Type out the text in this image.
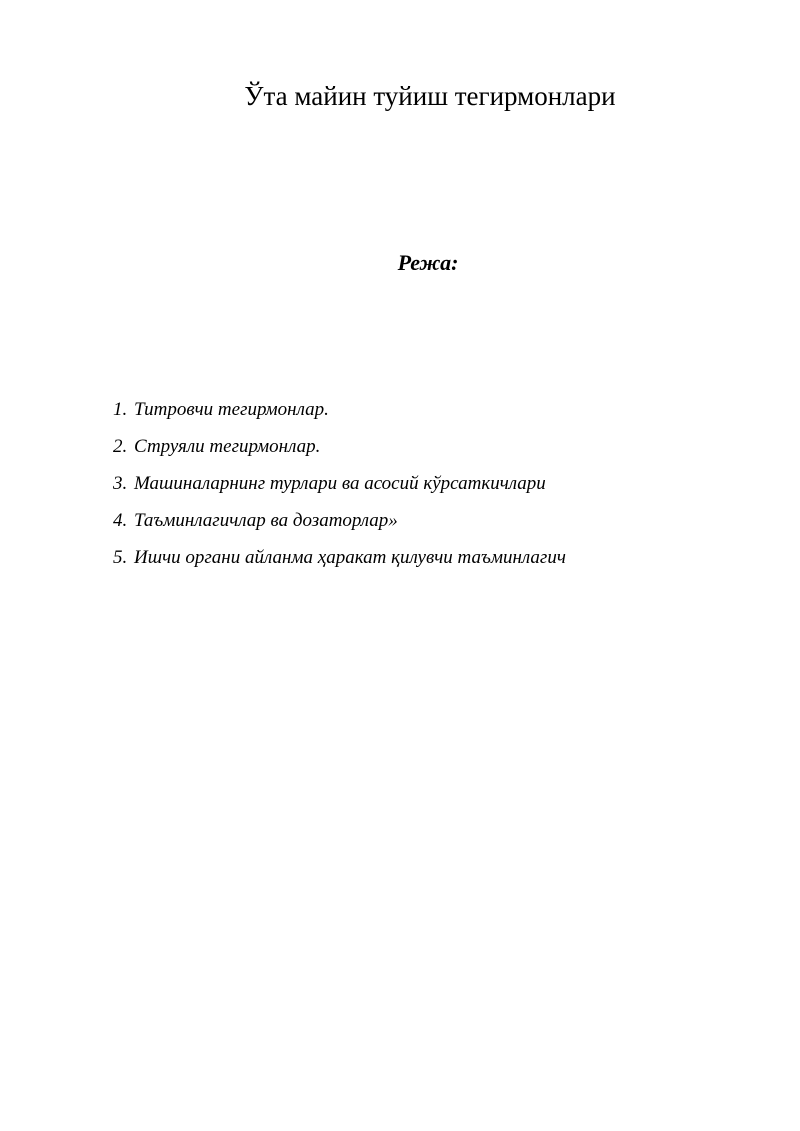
Ўта майин туйиш тегирмонлари
Режа:
1. Титровчи тегирмонлар.
2. Струяли тегирмонлар.
3. Машиналарнинг турлари ва асосий кўрсаткичлари
4. Таъминлагичлар ва дозаторлар»
5. Ишчи органи айланма ҳаракат қилувчи таъминлагич
